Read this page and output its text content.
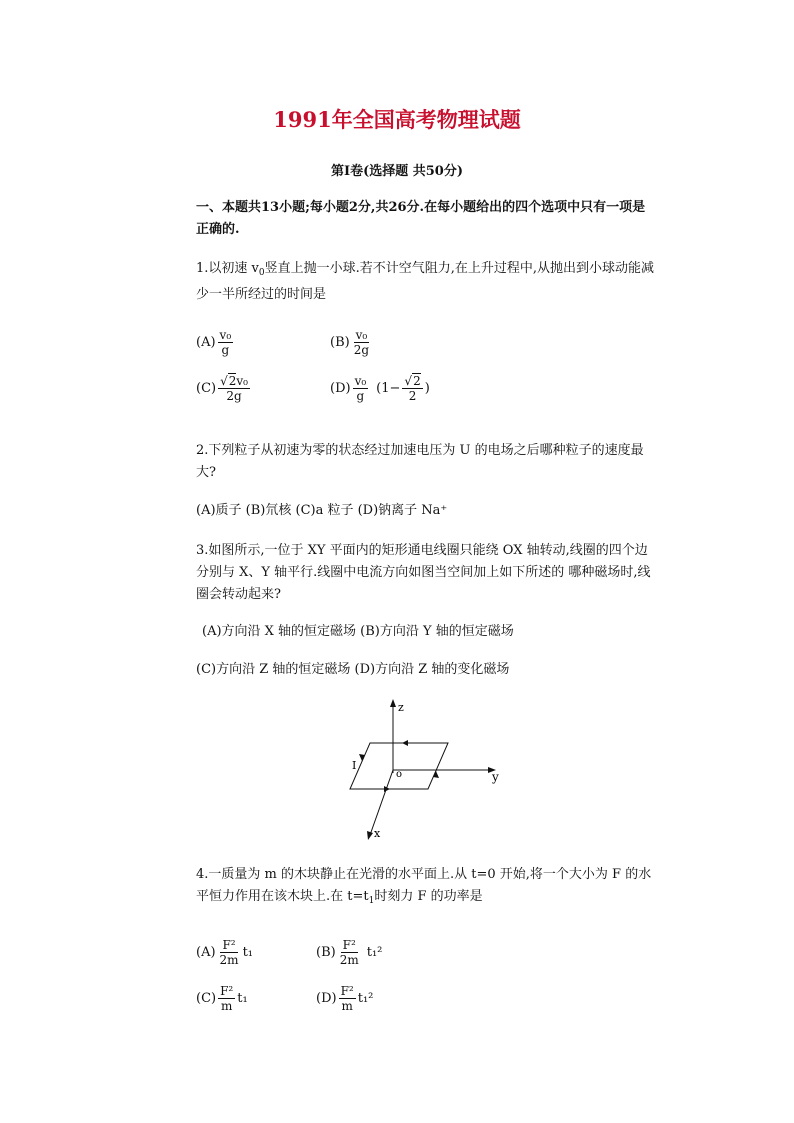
1991年全国高考物理试题
第I卷(选择题 共50分)
一、本题共13小题;每小题2分,共26分.在每小题给出的四个选项中只有一项是正确的.
1.以初速 $v_0$竖直上抛一小球.若不计空气阻力,在上升过程中,从抛出到小球动能减少一半所经过的时间是
$(A) \frac{\text{v₀}}{g}$	$(B) \frac{\text{v₀}}{2g}$
$(C) \frac{\text{√2v₀}}{2g}$	$(D) \frac{\text{v₀}}{g} (1- \frac{√2}{2}$ )
2.下列粒子从初速为零的状态经过加速电压为 U 的电场之后哪种粒子的速度最大?
(A)质子 (B)氘核 (C)a 粒子 (D)钠离子 Na⁺
3.如图所示,一位于 XY 平面内的矩形通电线圈只能绕 OX 轴转动,线圈的四个边分别与 X、Y 轴平行.线圈中电流方向如图当空间加上如下所述的 哪种磁场时,线圈会转动起来?
(A)方向沿 X 轴的恒定磁场 (B)方向沿 Y 轴的恒定磁场
(C)方向沿 Z 轴的恒定磁场 (D)方向沿 Z 轴的变化磁场
z
y
x
o
I
4.一质量为 m 的木块静止在光滑的水平面上.从 t=0 开始,将一个大小为 F 的水平恒力作用在该木块上.在 $t=t_1$时刻力 F 的功率是
$(A) \frac{\text{F²}}{2m} t_1$	$(B) \frac{\text{F²}}{2m} t_1^2$
$(C) \frac{\text{F²}}{m} t_1$	$(D) \frac{\text{F²}}{m} t_1^2$
